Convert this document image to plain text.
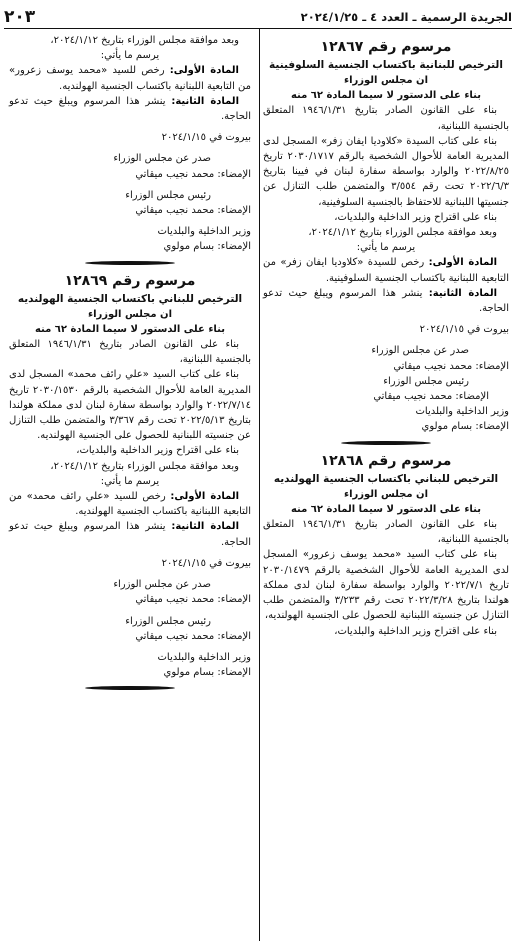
الجريدة الرسمية ـ العدد ٤ ـ ٢٠٢٤/١/٢٥
٢٠٣
مرسوم رقم ١٢٨٦٧
الترخيص للبنانية باكتساب الجنسية السلوفينية

ان مجلس الوزراء

بناء على الدستور لا سيما المادة ٦٢ منه

بناء على القانون الصادر بتاريخ ١٩٤٦/١/٣١ المتعلق بالجنسية اللبنانية،

بناء على كتاب السيدة «كلاوديا ايفان زفر» المسجل لدى المديرية العامة للأحوال الشخصية بالرقم ٢٠٣٠/١٧١٧ تاريخ ٢٠٢٢/٨/٢٥ والوارد بواسطة سفارة لبنان في فيينا بتاريخ ٢٠٢٢/٦/٣ تحت رقم ٣/٥٥٤ والمتضمن طلب التنازل عن جنسيتها اللبنانية للاحتفاظ بالجنسية السلوفينية،

بناء على اقتراح وزير الداخلية والبلديات،

وبعد موافقة مجلس الوزراء بتاريخ ٢٠٢٤/١/١٢،

يرسم ما يأتي:

المادة الأولى: رخص للسيدة «كلاوديا ايفان زفر» من التابعية اللبنانية باكتساب الجنسية السلوفينية.

المادة الثانية: ينشر هذا المرسوم ويبلغ حيث تدعو الحاجة.

بيروت في ٢٠٢٤/١/١٥

صدر عن مجلس الوزراء

الإمضاء: محمد نجيب ميقاتي

رئيس مجلس الوزراء

الإمضاء: محمد نجيب ميقاتي

وزير الداخلية والبلديات

الإمضاء: بسام مولوي

مرسوم رقم ١٢٨٦٨
الترخيص للبناني باكتساب الجنسية الهولنديه

ان مجلس الوزراء

بناء على الدستور لا سيما المادة ٦٢ منه

بناء على القانون الصادر بتاريخ ١٩٤٦/١/٣١ المتعلق بالجنسية اللبنانية،

بناء على كتاب السيد «محمد يوسف زعرور» المسجل لدى المديرية العامة للأحوال الشخصية بالرقم ٢٠٣٠/١٤٧٩ تاريخ ٢٠٢٢/٧/١ والوارد بواسطة سفارة لبنان لدى مملكة هولندا بتاريخ ٢٠٢٢/٣/٢٨ تحت رقم ٣/٢٣٣ والمتضمن طلب التنازل عن جنسيته اللبنانية للحصول على الجنسية الهولنديه،

بناء على اقتراح وزير الداخلية والبلديات،

وبعد موافقة مجلس الوزراء بتاريخ ٢٠٢٤/١/١٢،

يرسم ما يأتي:

المادة الأولى: رخص للسيد «محمد يوسف زعرور» من التابعية اللبنانية باكتساب الجنسية الهولنديه.

المادة الثانية: ينشر هذا المرسوم ويبلغ حيث تدعو الحاجة.

بيروت في ٢٠٢٤/١/١٥

صدر عن مجلس الوزراء

الإمضاء: محمد نجيب ميقاتي

رئيس مجلس الوزراء

الإمضاء: محمد نجيب ميقاتي

وزير الداخلية والبلديات

الإمضاء: بسام مولوي

مرسوم رقم ١٢٨٦٩
الترخيص للبناني باكتساب الجنسية الهولنديه

ان مجلس الوزراء

بناء على الدستور لا سيما المادة ٦٢ منه

بناء على القانون الصادر بتاريخ ١٩٤٦/١/٣١ المتعلق بالجنسية اللبنانية،

بناء على كتاب السيد «علي رائف محمد» المسجل لدى المديرية العامة للأحوال الشخصية بالرقم ٢٠٣٠/١٥٣٠ تاريخ ٢٠٢٢/٧/١٤ والوارد بواسطة سفارة لبنان لدى مملكة هولندا بتاريخ ٢٠٢٢/٥/١٣ تحت رقم ٣/٣٦٧ والمتضمن طلب التنازل عن جنسيته اللبنانية للحصول على الجنسية الهولنديه.

بناء على اقتراح وزير الداخلية والبلديات،

وبعد موافقة مجلس الوزراء بتاريخ ٢٠٢٤/١/١٢،

يرسم ما يأتي:

المادة الأولى: رخص للسيد «علي رائف محمد» من التابعية اللبنانية باكتساب الجنسية الهولنديه.

المادة الثانية: ينشر هذا المرسوم ويبلغ حيث تدعو الحاجة.

بيروت في ٢٠٢٤/١/١٥

صدر عن مجلس الوزراء

الإمضاء: محمد نجيب ميقاتي

رئيس مجلس الوزراء

الإمضاء: محمد نجيب ميقاتي

وزير الداخلية والبلديات

الإمضاء: بسام مولوي
